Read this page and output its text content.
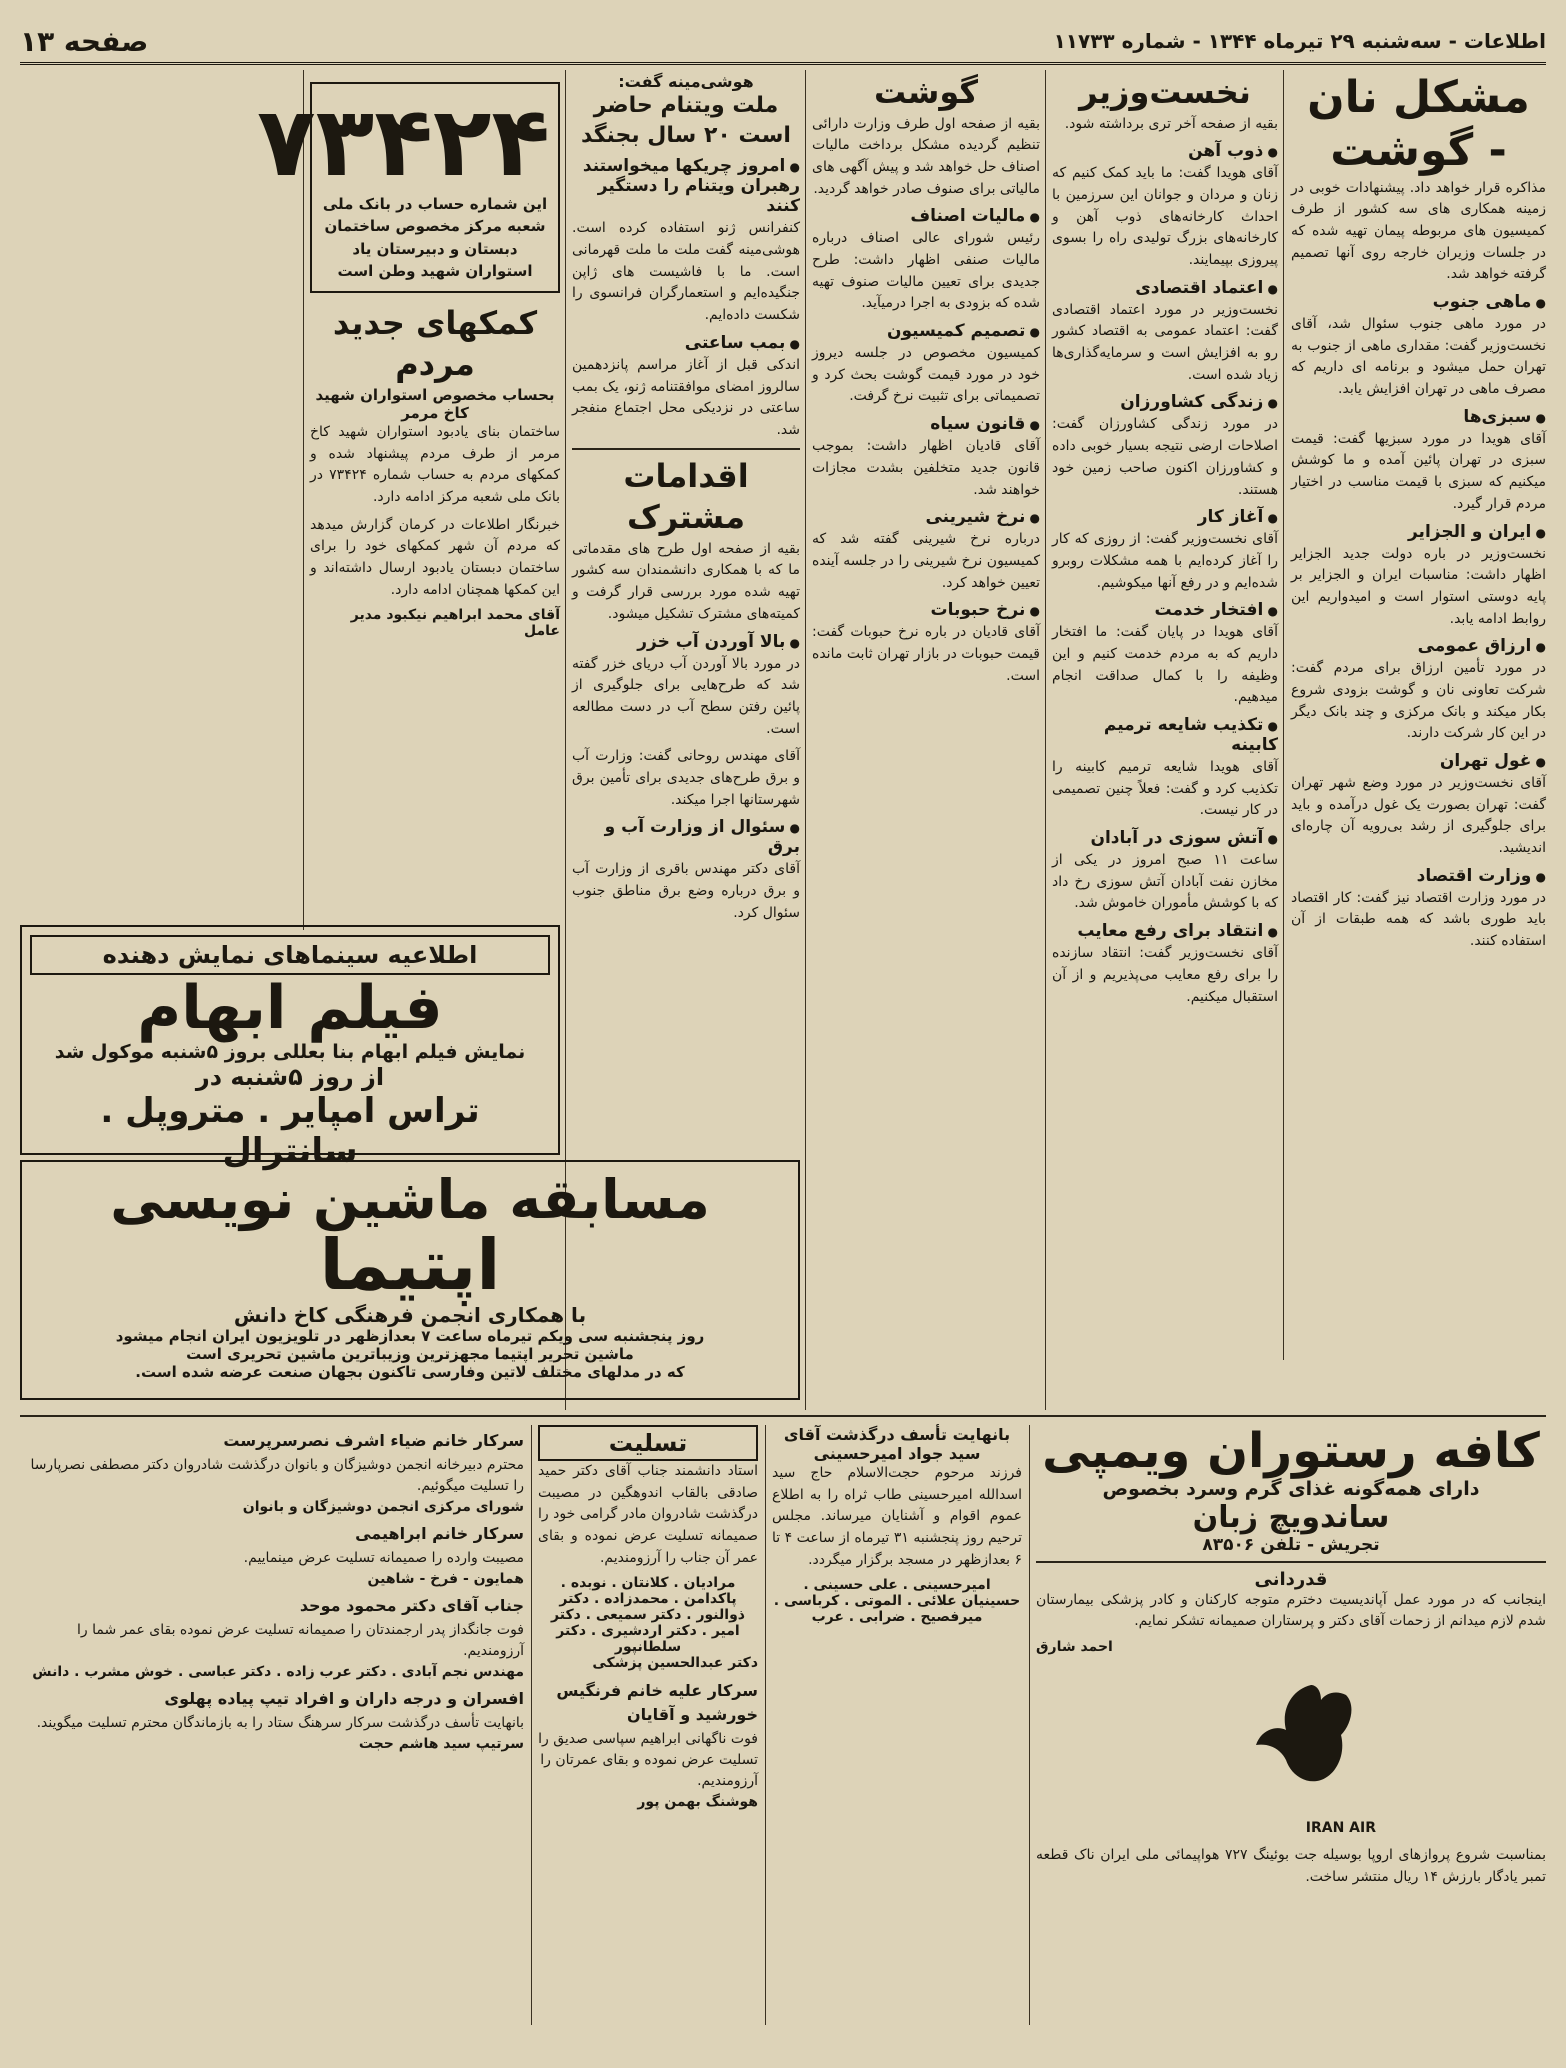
اطلاعات - سه‌شنبه ۲۹ تیرماه ۱۳۴۴ - شماره ۱۱۷۳۳
صفحه ۱۳
مشکل نان - گوشت

مذاکره قرار خواهد داد. پیشنهادات خوبی در زمینه همکاری های سه کشور از طرف کمیسیون های مربوطه پیمان تهیه شده که در جلسات وزیران خارجه روی آنها تصمیم گرفته خواهد شد.

● ماهی جنوب

در مورد ماهی جنوب سئوال شد، آقای نخست‌وزیر گفت: مقداری ماهی از جنوب به تهران حمل میشود و برنامه ای داریم که مصرف ماهی در تهران افزایش یابد.

● سبزی‌ها

آقای هویدا در مورد سبزیها گفت: قیمت سبزی در تهران پائین آمده و ما کوشش میکنیم که سبزی با قیمت مناسب در اختیار مردم قرار گیرد.

● ایران و الجزایر

نخست‌وزیر در باره دولت جدید الجزایر اظهار داشت: مناسبات ایران و الجزایر بر پایه دوستی استوار است و امیدواریم این روابط ادامه یابد.

● ارزاق عمومی

در مورد تأمین ارزاق برای مردم گفت: شرکت تعاونی نان و گوشت بزودی شروع بکار میکند و بانک مرکزی و چند بانک دیگر در این کار شرکت دارند.

● غول تهران

آقای نخست‌وزیر در مورد وضع شهر تهران گفت: تهران بصورت یک غول درآمده و باید برای جلوگیری از رشد بی‌رویه آن چاره‌ای اندیشید.

● وزارت اقتصاد

در مورد وزارت اقتصاد نیز گفت: کار اقتصاد باید طوری باشد که همه طبقات از آن استفاده کنند.

نخست‌وزیر

بقیه از صفحه آخر تری برداشته شود.

● ذوب آهن

آقای هویدا گفت: ما باید کمک کنیم که زنان و مردان و جوانان این سرزمین با احداث کارخانه‌های ذوب آهن و کارخانه‌های بزرگ تولیدی راه را بسوی پیروزی بپیمایند.

● اعتماد اقتصادی

نخست‌وزیر در مورد اعتماد اقتصادی گفت: اعتماد عمومی به اقتصاد کشور رو به افزایش است و سرمایه‌گذاری‌ها زیاد شده است.

● زندگی کشاورزان

در مورد زندگی کشاورزان گفت: اصلاحات ارضی نتیجه بسیار خوبی داده و کشاورزان اکنون صاحب زمین خود هستند.

● آغاز کار

آقای نخست‌وزیر گفت: از روزی که کار را آغاز کرده‌ایم با همه مشکلات روبرو شده‌ایم و در رفع آنها میکوشیم.

● افتخار خدمت

آقای هویدا در پایان گفت: ما افتخار داریم که به مردم خدمت کنیم و این وظیفه را با کمال صداقت انجام میدهیم.

● تکذیب شایعه ترمیم کابینه

آقای هویدا شایعه ترمیم کابینه را تکذیب کرد و گفت: فعلاً چنین تصمیمی در کار نیست.

● آتش سوزی در آبادان

ساعت ۱۱ صبح امروز در یکی از مخازن نفت آبادان آتش سوزی رخ داد که با کوشش مأموران خاموش شد.

● انتقاد برای رفع معایب

آقای نخست‌وزیر گفت: انتقاد سازنده را برای رفع معایب می‌پذیریم و از آن استقبال میکنیم.

گوشت

بقیه از صفحه اول طرف وزارت دارائی تنظیم گردیده مشکل برداخت مالیات اصناف حل خواهد شد و پیش آگهی های مالیاتی برای صنوف صادر خواهد گردید.

● مالیات اصناف

رئیس شورای عالی اصناف درباره مالیات صنفی اظهار داشت: طرح جدیدی برای تعیین مالیات صنوف تهیه شده که بزودی به اجرا درمیآید.

● تصمیم کمیسیون

کمیسیون مخصوص در جلسه دیروز خود در مورد قیمت گوشت بحث کرد و تصمیماتی برای تثبیت نرخ گرفت.

● قانون سیاه

آقای قادیان اظهار داشت: بموجب قانون جدید متخلفین بشدت مجازات خواهند شد.

● نرخ شیرینی

درباره نرخ شیرینی گفته شد که کمیسیون نرخ شیرینی را در جلسه آینده تعیین خواهد کرد.

● نرخ حبوبات

آقای قادیان در باره نرخ حبوبات گفت: قیمت حبوبات در بازار تهران ثابت مانده است.

هوشی‌مینه گفت:
ملت ویتنام حاضر است ۲۰ سال بجنگد
● امروز چریکها میخواستند رهبران ویتنام را دستگیر کنند

کنفرانس ژنو استفاده کرده است. هوشی‌مینه گفت ملت ما ملت قهرمانی است. ما با فاشیست های ژاپن جنگیده‌ایم و استعمارگران فرانسوی را شکست داده‌ایم.

● بمب ساعتی

اندکی قبل از آغاز مراسم پانزدهمین سالروز امضای موافقتنامه ژنو، یک بمب ساعتی در نزدیکی محل اجتماع منفجر شد.

اقدامات مشترک

بقیه از صفحه اول طرح های مقدماتی ما که با همکاری دانشمندان سه کشور تهیه شده مورد بررسی قرار گرفت و کمیته‌های مشترک تشکیل میشود.

● بالا آوردن آب خزر

در مورد بالا آوردن آب دریای خزر گفته شد که طرح‌هایی برای جلوگیری از پائین رفتن سطح آب در دست مطالعه است.

آقای مهندس روحانی گفت: وزارت آب و برق طرح‌های جدیدی برای تأمین برق شهرستانها اجرا میکند.

● سئوال از وزارت آب و برق

آقای دکتر مهندس باقری از وزارت آب و برق درباره وضع برق مناطق جنوب سئوال کرد.

۷۳۴۲۴
این شماره حساب در بانک ملی شعبه مرکز مخصوص ساختمان دبستان و دبیرستان یاد استواران شهید وطن است
کمکهای جدید مردم
بحساب مخصوص استواران شهید کاخ مرمر

ساختمان بنای یادبود استواران شهید کاخ مرمر از طرف مردم پیشنهاد شده و کمکهای مردم به حساب شماره ۷۳۴۲۴ در بانک ملی شعبه مرکز ادامه دارد.

خبرنگار اطلاعات در کرمان گزارش میدهد که مردم آن شهر کمکهای خود را برای ساختمان دبستان یادبود ارسال داشته‌اند و این کمکها همچنان ادامه دارد.

آقای محمد ابراهیم نیکبود مدیر عامل
اطلاعیه سینماهای نمایش دهنده
فیلم ابهام
نمایش فیلم ابهام بنا بعللی بروز ۵شنبه موکول شد
از روز ۵شنبه در
تراس امپایر . متروپل . سانترال
مسابقه ماشین نویسی
اپتیما
با همکاری انجمن فرهنگی کاخ دانش
روز پنجشنبه سی ویکم تیرماه ساعت ۷ بعدازظهر در تلویزیون ایران انجام میشود
ماشین تحریر اپتیما مجهزترین وزیباترین ماشین تحریری است
که در مدلهای مختلف لاتین وفارسی تاکنون بجهان صنعت عرضه شده است.
کافه رستوران ویمپی
دارای همه‌گونه غذای گرم وسرد بخصوص
ساندویچ زبان
تجریش - تلفن ۸۳۵۰۶
قدردانی

اینجانب که در مورد عمل آپاندیسیت دخترم متوجه کارکنان و کادر پزشکی بیمارستان شدم لازم میدانم از زحمات آقای دکتر و پرستاران صمیمانه تشکر نمایم.

احمد شارق
IRAN AIR

بمناسبت شروع پروازهای اروپا بوسیله جت بوئینگ ۷۲۷ هواپیمائی ملی ایران ناک قطعه تمبر یادگار بارزش ۱۴ ریال منتشر ساخت.

بانهایت تأسف درگذشت آقای سید جواد امیرحسینی

فرزند مرحوم حجت‌الاسلام حاج سید اسدالله امیرحسینی طاب ثراه را به اطلاع عموم اقوام و آشنایان میرساند. مجلس ترحیم روز پنجشنبه ۳۱ تیرماه از ساعت ۴ تا ۶ بعدازظهر در مسجد برگزار میگردد.

امیرحسینی . علی حسینی . حسینیان علائی . الموتی . کرباسی . میرفصیح . ضرابی . عرب
تسلیت

استاد دانشمند جناب آقای دکتر حمید صادقی بالقاب اندوهگین در مصیبت درگذشت شادروان مادر گرامی خود را صمیمانه تسلیت عرض نموده و بقای عمر آن جناب را آرزومندیم.

مرادیان . کلانتان . نوبده . پاکدامن . محمدزاده . دکتر ذوالنور . دکتر سمیعی . دکتر امیر . دکتر اردشیری . دکتر سلطانپور
دکتر عبدالحسین پزشکی
سرکار علیه خانم فرنگیس خورشید و آقایان
فوت ناگهانی ابراهیم سپاسی صدیق را تسلیت عرض نموده و بقای عمرتان را آرزومندیم.
هوشنگ بهمن پور
سرکار خانم ضیاء اشرف نصرسرپرست
محترم دبیرخانه انجمن دوشیزگان و بانوان درگذشت شادروان دکتر مصطفی نصرپارسا را تسلیت میگوئیم.
شورای مرکزی انجمن دوشیزگان و بانوان
سرکار خانم ابراهیمی
مصیبت وارده را صمیمانه تسلیت عرض مینماییم.
همایون - فرخ - شاهین
جناب آقای دکتر محمود موحد
فوت جانگداز پدر ارجمندتان را صمیمانه تسلیت عرض نموده بقای عمر شما را آرزومندیم.
مهندس نجم آبادی . دکتر عرب زاده . دکتر عباسی . خوش مشرب . دانش
افسران و درجه داران و افراد تیپ پیاده پهلوی
بانهایت تأسف درگذشت سرکار سرهنگ ستاد را به بازماندگان محترم تسلیت میگویند.
سرتیپ سید هاشم حجت
